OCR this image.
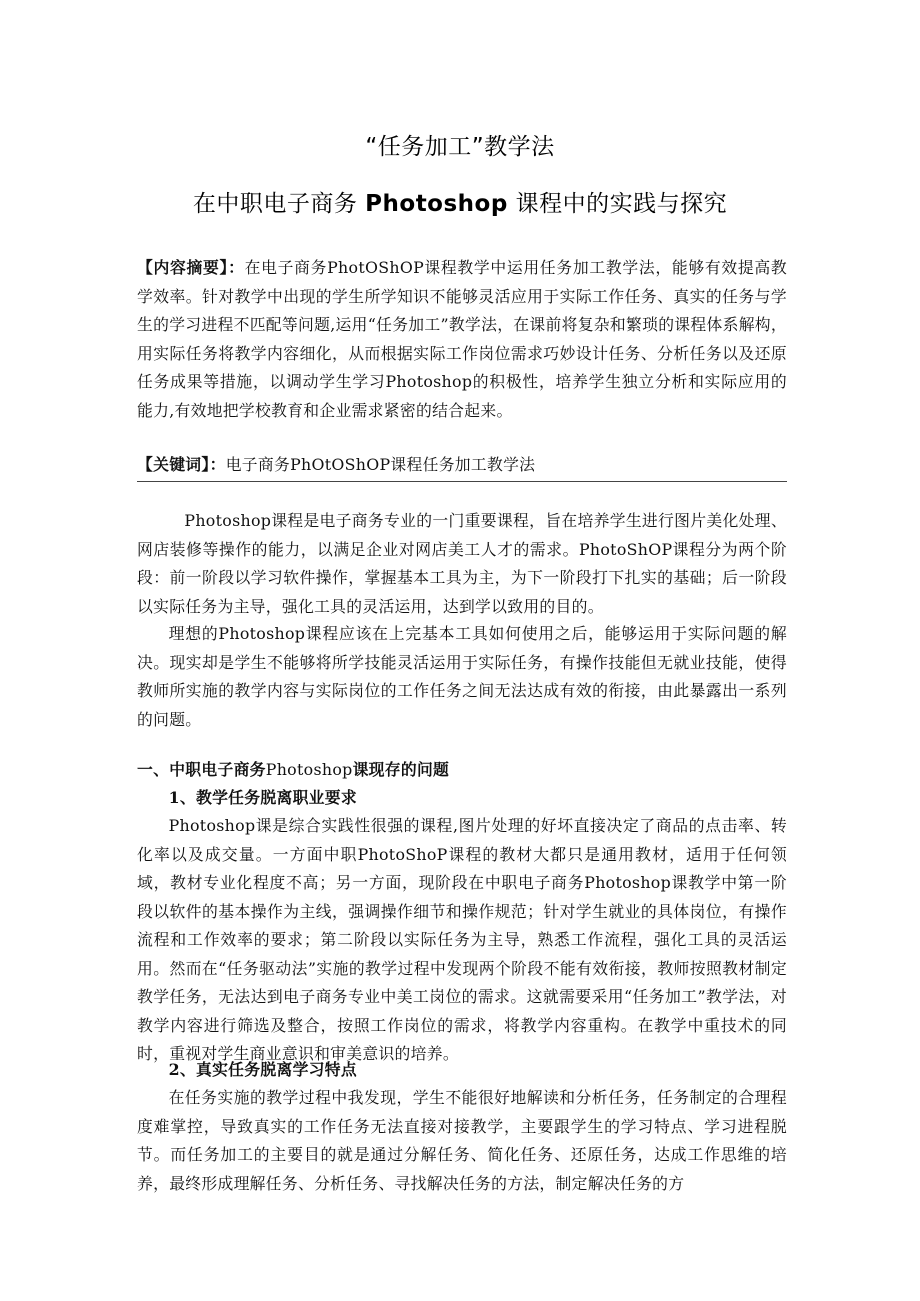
“任务加工”教学法
在中职电子商务 Photoshop 课程中的实践与探究
【内容摘要】：在电子商务PhotOShOP课程教学中运用任务加工教学法，能够有效提高教学效率。针对教学中出现的学生所学知识不能够灵活应用于实际工作任务、真实的任务与学生的学习进程不匹配等问题,运用“任务加工”教学法，在课前将复杂和繁琐的课程体系解构，用实际任务将教学内容细化，从而根据实际工作岗位需求巧妙设计任务、分析任务以及还原任务成果等措施，以调动学生学习Photoshop的积极性，培养学生独立分析和实际应用的能力,有效地把学校教育和企业需求紧密的结合起来。
【关键词】：电子商务PhOtOShOP课程任务加工教学法

Photoshop课程是电子商务专业的一门重要课程，旨在培养学生进行图片美化处理、网店装修等操作的能力，以满足企业对网店美工人才的需求。PhotoShOP课程分为两个阶段：前一阶段以学习软件操作，掌握基本工具为主，为下一阶段打下扎实的基础；后一阶段以实际任务为主导，强化工具的灵活运用，达到学以致用的目的。

理想的Photoshop课程应该在上完基本工具如何使用之后，能够运用于实际问题的解决。现实却是学生不能够将所学技能灵活运用于实际任务，有操作技能但无就业技能，使得教师所实施的教学内容与实际岗位的工作任务之间无法达成有效的衔接，由此暴露出一系列的问题。

一、中职电子商务Photoshop课现存的问题
1、教学任务脱离职业要求

Photoshop课是综合实践性很强的课程,图片处理的好坏直接决定了商品的点击率、转化率以及成交量。一方面中职PhotoShoP课程的教材大都只是通用教材，适用于任何领域，教材专业化程度不高；另一方面，现阶段在中职电子商务Photoshop课教学中第一阶段以软件的基本操作为主线，强调操作细节和操作规范；针对学生就业的具体岗位，有操作流程和工作效率的要求；第二阶段以实际任务为主导，熟悉工作流程，强化工具的灵活运用。然而在“任务驱动法”实施的教学过程中发现两个阶段不能有效衔接，教师按照教材制定教学任务，无法达到电子商务专业中美工岗位的需求。这就需要采用“任务加工”教学法，对教学内容进行筛选及整合，按照工作岗位的需求，将教学内容重构。在教学中重技术的同时，重视对学生商业意识和审美意识的培养。

2、真实任务脱离学习特点

在任务实施的教学过程中我发现，学生不能很好地解读和分析任务，任务制定的合理程度难掌控，导致真实的工作任务无法直接对接教学，主要跟学生的学习特点、学习进程脱节。而任务加工的主要目的就是通过分解任务、简化任务、还原任务，达成工作思维的培养，最终形成理解任务、分析任务、寻找解决任务的方法，制定解决任务的方
